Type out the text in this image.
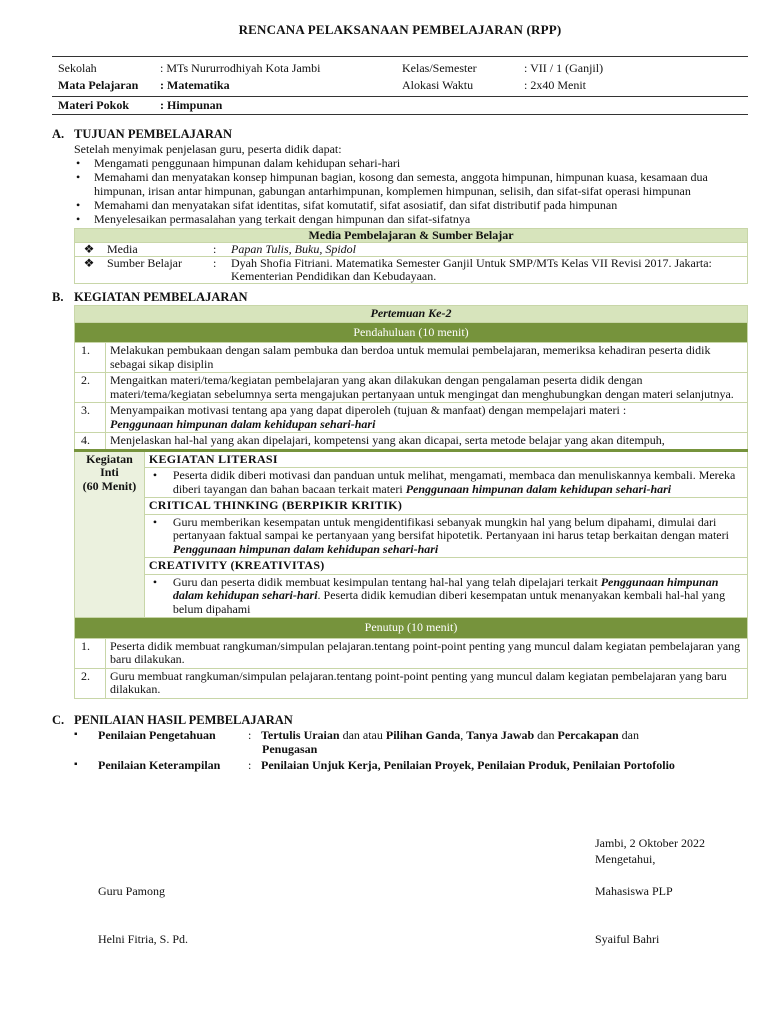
RENCANA PELAKSANAAN PEMBELAJARAN (RPP)
Sekolah	: MTs Nururrodhiyah Kota Jambi	Kelas/Semester	: VII / 1 (Ganjil)
Mata Pelajaran	: Matematika	Alokasi Waktu	: 2x40 Menit
Materi Pokok	: Himpunan
A. TUJUAN PEMBELAJARAN
Setelah menyimak penjelasan guru, peserta didik dapat:
• Mengamati penggunaan himpunan dalam kehidupan sehari-hari
• Memahami dan menyatakan konsep himpunan bagian, kosong dan semesta, anggota himpunan, himpunan kuasa, kesamaan dua himpunan, irisan antar himpunan, gabungan antarhimpunan, komplemen himpunan, selisih, dan sifat-sifat operasi himpunan
• Memahami dan menyatakan sifat identitas, sifat komutatif, sifat asosiatif, dan sifat distributif pada himpunan
• Menyelesaikan permasalahan yang terkait dengan himpunan dan sifat-sifatnya
Media Pembelajaran & Sumber Belajar			
❖	Media	:	Papan Tulis, Buku, Spidol
❖	Sumber Belajar	:	Dyah Shofia Fitriani. Matematika Semester Ganjil Untuk SMP/MTs Kelas VII Revisi 2017. Jakarta: Kementerian Pendidikan dan Kebudayaan.
B. KEGIATAN PEMBELAJARAN
Pertemuan Ke-2		
Pendahuluan (10 menit)		
1.	Melakukan pembukaan dengan salam pembuka dan berdoa untuk memulai pembelajaran, memeriksa kehadiran peserta didik sebagai sikap disiplin	
2.	Mengaitkan materi/tema/kegiatan pembelajaran yang akan dilakukan dengan pengalaman peserta didik dengan materi/tema/kegiatan sebelumnya serta mengajukan pertanyaan untuk mengingat dan menghubungkan dengan materi selanjutnya.	
3.	Menyampaikan motivasi tentang apa yang dapat diperoleh (tujuan & manfaat) dengan mempelajari materi :
Penggunaan himpunan dalam kehidupan sehari-hari	
4.	Menjelaskan hal-hal yang akan dipelajari, kompetensi yang akan dicapai, serta metode belajar yang akan ditempuh,	
Kegiatan Inti
(60 Menit)		KEGIATAN LITERASI

		• Peserta didik diberi motivasi dan panduan untuk melihat, mengamati, membaca dan menuliskannya kembali. Mereka diberi tayangan dan bahan bacaan terkait materi Penggunaan himpunan dalam kehidupan sehari-hari
		CRITICAL THINKING (BERPIKIR KRITIK)

		• Guru memberikan kesempatan untuk mengidentifikasi sebanyak mungkin hal yang belum dipahami, dimulai dari pertanyaan faktual sampai ke pertanyaan yang bersifat hipotetik. Pertanyaan ini harus tetap berkaitan dengan materi Penggunaan himpunan dalam kehidupan sehari-hari
		CREATIVITY (KREATIVITAS)

		• Guru dan peserta didik membuat kesimpulan tentang hal-hal yang telah dipelajari terkait Penggunaan himpunan dalam kehidupan sehari-hari. Peserta didik kemudian diberi kesempatan untuk menanyakan kembali hal-hal yang belum dipahami
Penutup (10 menit)		
1.	Peserta didik membuat rangkuman/simpulan pelajaran.tentang point-point penting yang muncul dalam kegiatan pembelajaran yang baru dilakukan.	
2.	Guru membuat rangkuman/simpulan pelajaran.tentang point-point penting yang muncul dalam kegiatan pembelajaran yang baru dilakukan.	
C. PENILAIAN HASIL PEMBELAJARAN
▪ Penilaian Pengetahuan	: Tertulis Uraian dan atau Pilihan Ganda, Tanya Jawab dan Percakapan dan
Penugasan
▪ Penilaian Keterampilan : Penilaian Unjuk Kerja, Penilaian Proyek, Penilaian Produk, Penilaian Portofolio
Jambi, 2 Oktober 2022
Mengetahui,
Guru Pamong	Mahasiswa PLP
Helni Fitria, S. Pd.	Syaiful Bahri
